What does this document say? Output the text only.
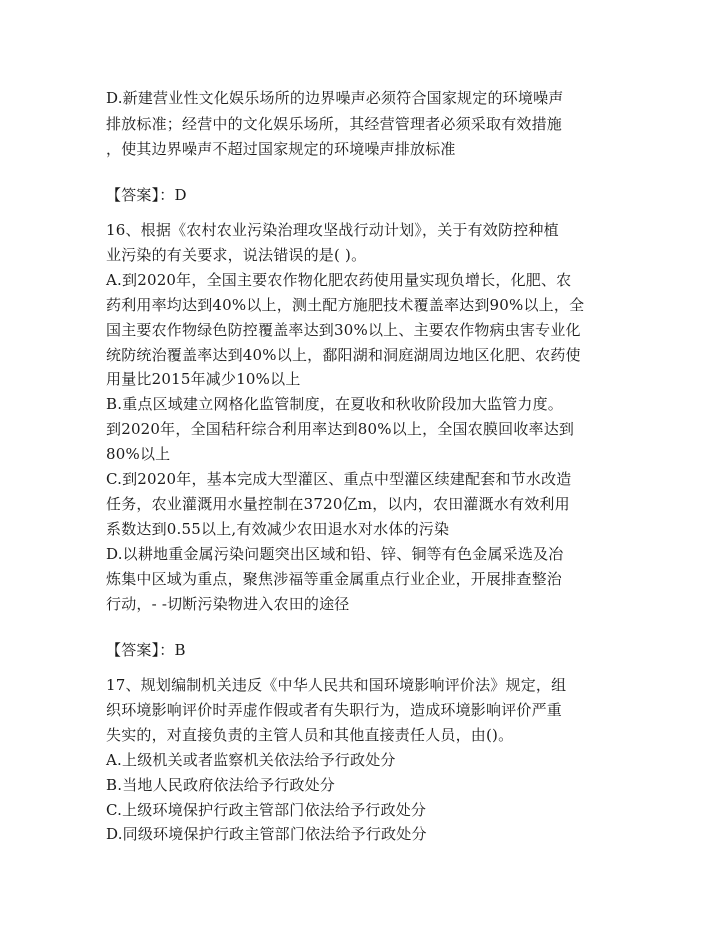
D.新建营业性文化娱乐场所的边界噪声必须符合国家规定的环境噪声
排放标准；经营中的文化娱乐场所，其经营管理者必须采取有效措施
，使其边界噪声不超过国家规定的环境噪声排放标准
【答案】：D
16、根据《农村农业污染治理攻坚战行动计划》，关于有效防控种植
业污染的有关要求，说法错误的是( )。
A.到2020年，全国主要农作物化肥农药使用量实现负增长，化肥、农
药利用率均达到40%以上，测土配方施肥技术覆盖率达到90%以上，全
国主要农作物绿色防控覆盖率达到30%以上、主要农作物病虫害专业化
统防统治覆盖率达到40%以上，鄱阳湖和洞庭湖周边地区化肥、农药使
用量比2015年减少10%以上
B.重点区域建立网格化监管制度，在夏收和秋收阶段加大监管力度。
到2020年，全国秸秆综合利用率达到80%以上，全国农膜回收率达到
80%以上
C.到2020年，基本完成大型灌区、重点中型灌区续建配套和节水改造
任务，农业灌溉用水量控制在3720亿m，以内，农田灌溉水有效利用
系数达到0.55以上,有效减少农田退水对水体的污染
D.以耕地重金属污染问题突出区域和铅、锌、铜等有色金属采选及冶
炼集中区域为重点，聚焦涉福等重金属重点行业企业，开展排查整治
行动，- -切断污染物进入农田的途径
【答案】：B
17、规划编制机关违反《中华人民共和国环境影响评价法》规定，组
织环境影响评价时弄虚作假或者有失职行为，造成环境影响评价严重
失实的，对直接负责的主管人员和其他直接责任人员，由()。
A.上级机关或者监察机关依法给予行政处分
B.当地人民政府依法给予行政处分
C.上级环境保护行政主管部门依法给予行政处分
D.同级环境保护行政主管部门依法给予行政处分
